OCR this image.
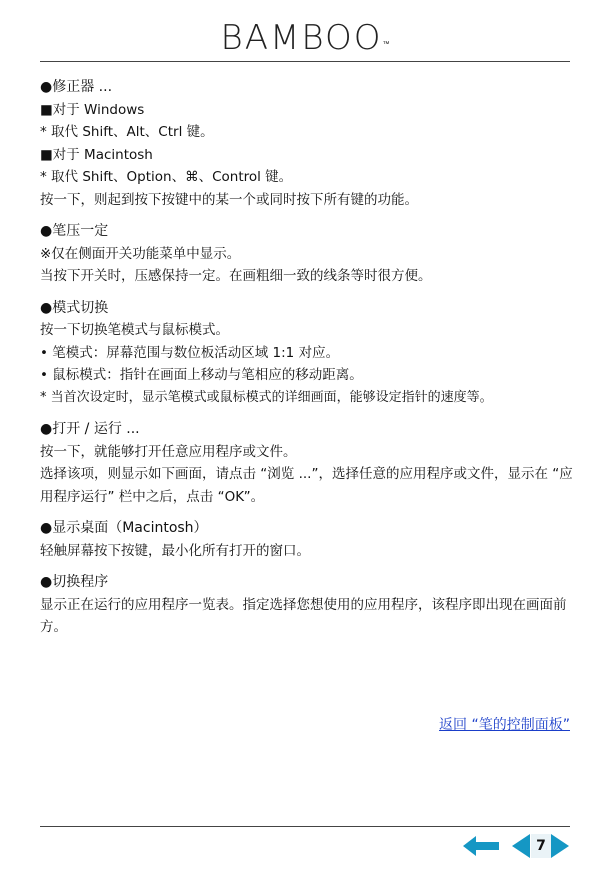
BAMBOO™
●修正器 ...
■对于 Windows
* 取代 Shift、Alt、Ctrl 键。
■对于 Macintosh
* 取代 Shift、Option、⌘、Control 键。
按一下，则起到按下按键中的某一个或同时按下所有键的功能。
●笔压一定
※仅在侧面开关功能菜单中显示。
当按下开关时，压感保持一定。在画粗细一致的线条等时很方便。
●模式切换
按一下切换笔模式与鼠标模式。
• 笔模式：屏幕范围与数位板活动区域 1:1 对应。
• 鼠标模式：指针在画面上移动与笔相应的移动距离。
* 当首次设定时，显示笔模式或鼠标模式的详细画面，能够设定指针的速度等。
●打开 / 运行 ...
按一下，就能够打开任意应用程序或文件。
选择该项，则显示如下画面，请点击 “浏览 ...”，选择任意的应用程序或文件，显示在 “应用程序运行” 栏中之后，点击 “OK”。
●显示桌面（Macintosh）
轻触屏幕按下按键，最小化所有打开的窗口。
●切换程序
显示正在运行的应用程序一览表。指定选择您想使用的应用程序，该程序即出现在画面前方。
返回 “笔的控制面板”
7
